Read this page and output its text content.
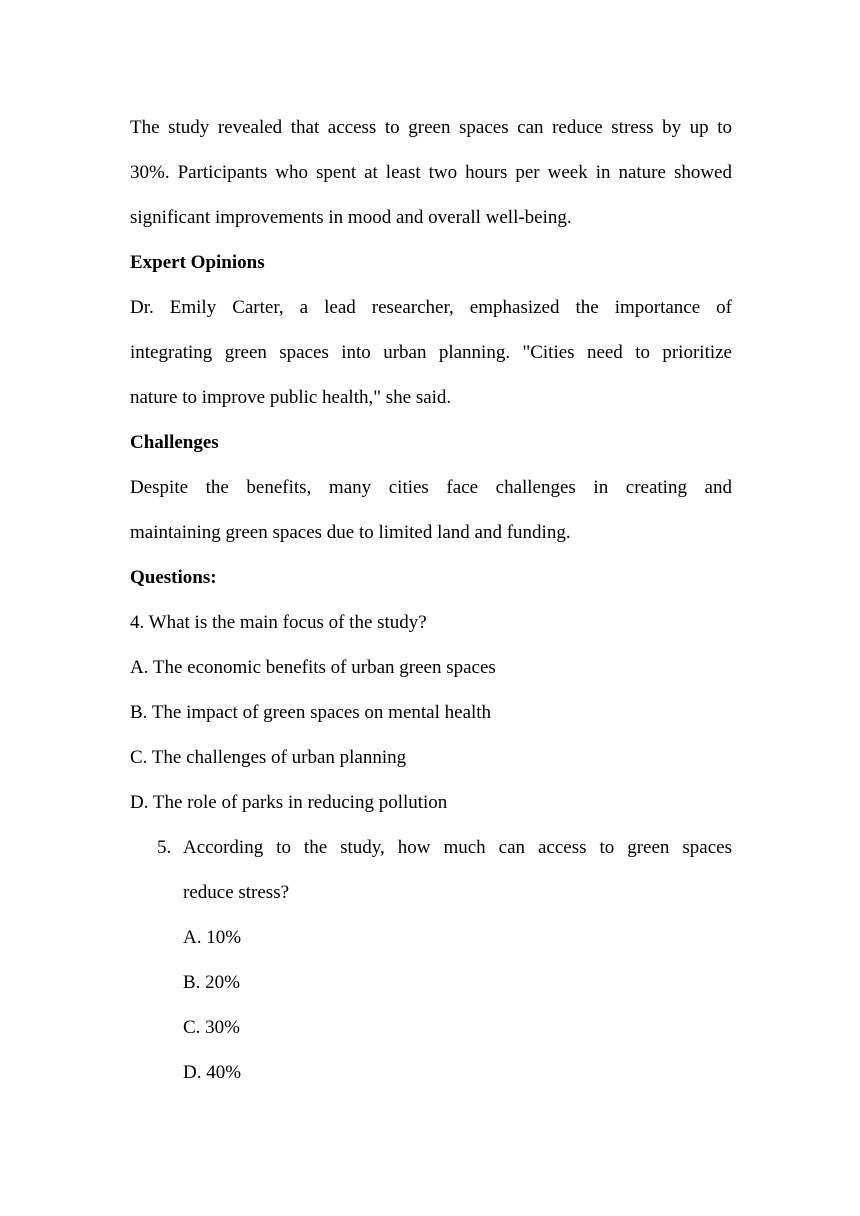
The study revealed that access to green spaces can reduce stress by up to
30%. Participants who spent at least two hours per week in nature showed
significant improvements in mood and overall well-being.
Expert Opinions
Dr. Emily Carter, a lead researcher, emphasized the importance of
integrating green spaces into urban planning. "Cities need to prioritize
nature to improve public health," she said.
Challenges
Despite the benefits, many cities face challenges in creating and
maintaining green spaces due to limited land and funding.
Questions:
4. What is the main focus of the study?
A. The economic benefits of urban green spaces
B. The impact of green spaces on mental health
C. The challenges of urban planning
D. The role of parks in reducing pollution
5. According to the study, how much can access to green spaces
reduce stress?
A. 10%
B. 20%
C. 30%
D. 40%
